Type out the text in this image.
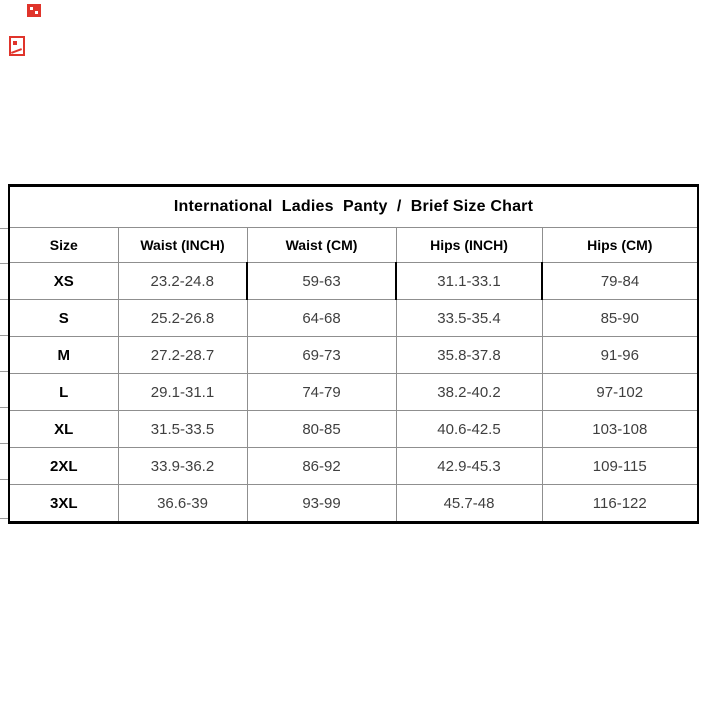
International  Ladies  Panty  /  Brief Size Chart				
Size	Waist (INCH)	Waist (CM)	Hips (INCH)	Hips (CM)
XS	23.2-24.8	59-63	31.1-33.1	79-84
S	25.2-26.8	64-68	33.5-35.4	85-90
M	27.2-28.7	69-73	35.8-37.8	91-96
L	29.1-31.1	74-79	38.2-40.2	97-102
XL	31.5-33.5	80-85	40.6-42.5	103-108
2XL	33.9-36.2	86-92	42.9-45.3	109-115
3XL	36.6-39	93-99	45.7-48	116-122
